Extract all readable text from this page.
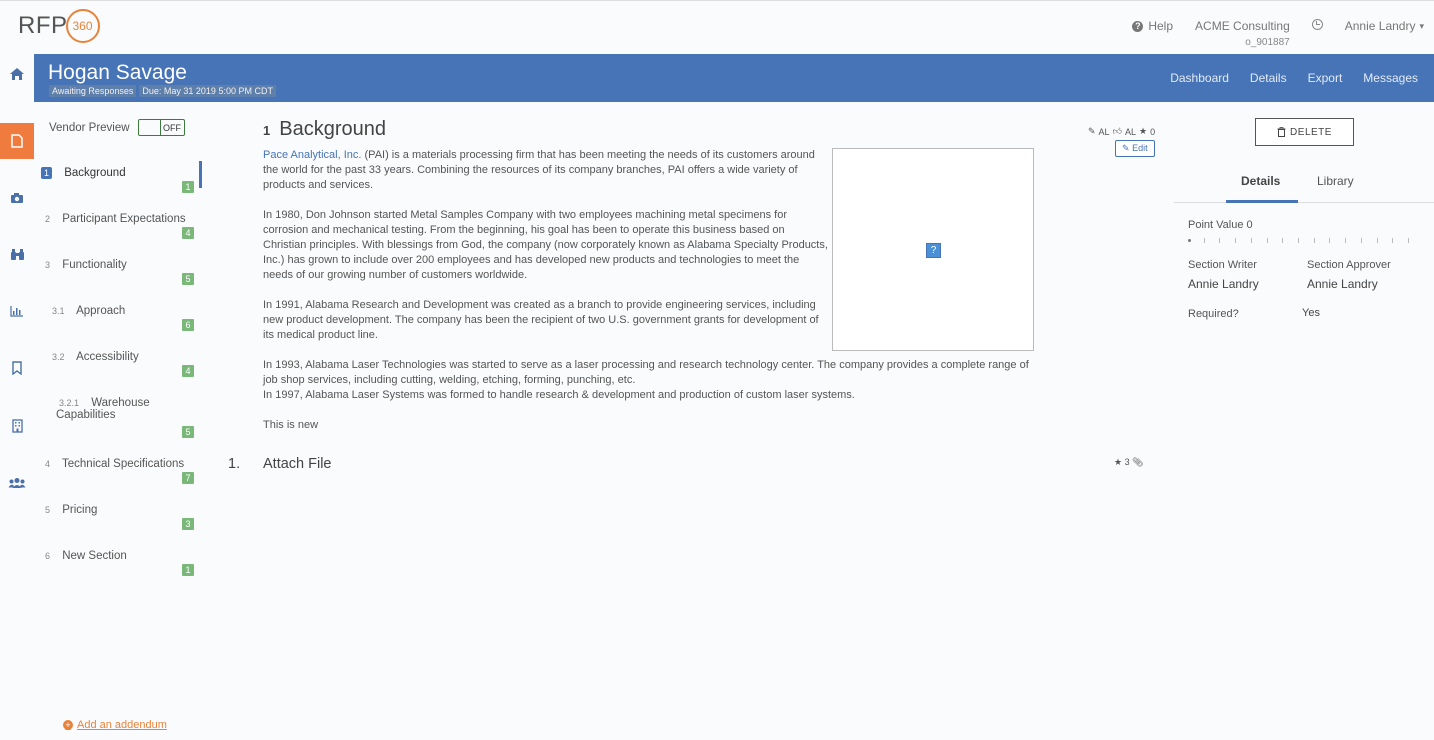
RFP 360	? Help ACME Consulting
o_901887
Annie Landry ▾
Hogan Savage
Awaiting Responses	Due: May 31 2019 5:00 PM CDT
Dashboard Details Export Messages
Vendor Preview	OFF
1 Background
1
2 Participant Expectations
4
3 Functionality
5
3.1 Approach
6
3.2 Accessibility
4
3.2.1 Warehouse
Capabilities
5
4 Technical Specifications
7
5 Pricing
3
6 New Section
1
+ Add an addendum
1 Background	✎ AL 👍︎ AL ★ 0
✎ Edit

Pace Analytical, Inc. (PAI) is a materials processing firm that has been meeting the needs of its customers around the world for the past 33 years. Combining the resources of its company branches, PAI offers a wide variety of products and services.

In 1980, Don Johnson started Metal Samples Company with two employees machining metal specimens for corrosion and mechanical testing. From the beginning, his goal has been to operate this business based on Christian principles. With blessings from God, the company (now corporately known as Alabama Specialty Products, Inc.) has grown to include over 200 employees and has developed new products and technologies to meet the needs of our growing number of customers worldwide.

In 1991, Alabama Research and Development was created as a branch to provide engineering services, including new product development. The company has been the recipient of two U.S. government grants for development of its medical product line.

?

In 1993, Alabama Laser Technologies was started to serve as a laser processing and research technology center. The company provides a complete range of job shop services, including cutting, welding, etching, forming, punching, etc.

In 1997, Alabama Laser Systems was formed to handle research & development and production of custom laser systems.

This is new

1.	Attach File	★ 3 📎︎
DELETE
Details	Library
Point Value 0
Section Writer
Annie Landry
Section Approver
Annie Landry
Required?	Yes
